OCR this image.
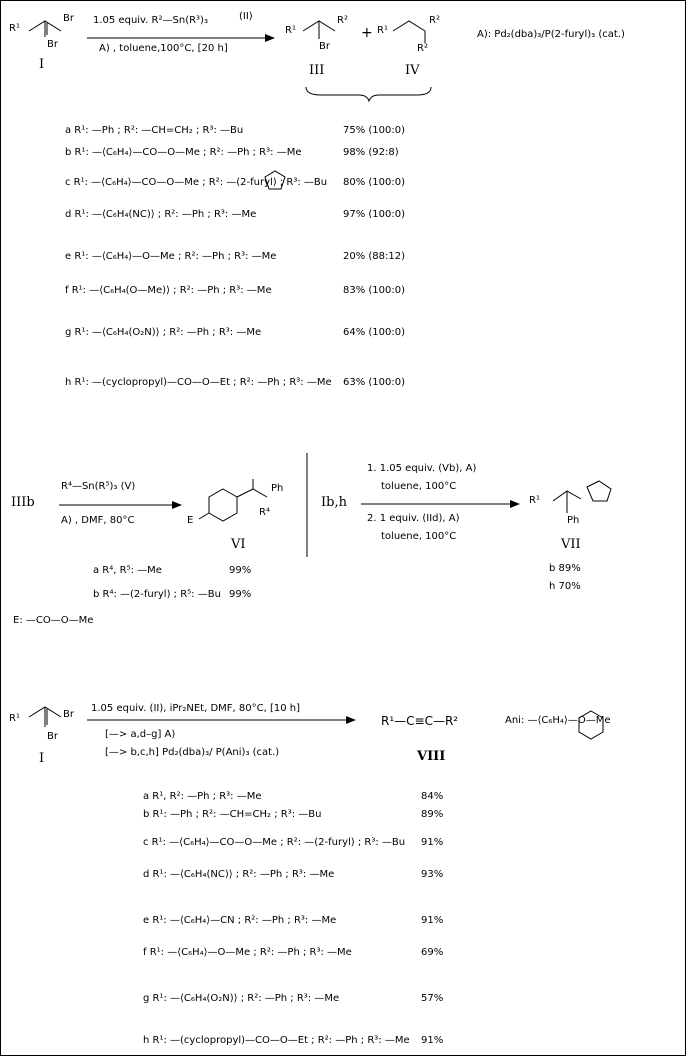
R¹
Br
Br
I
1.05 equiv. R²—Sn(R³)₃	(II)
A) , toluene,100°C, [20 h]
R¹
R²
Br
+ R¹
R²
R²
III	IV
A): Pd₂(dba)₃/P(2-furyl)₃ (cat.)
a R¹: —Ph ; R²: —CH=CH₂ ; R³: —Bu	75% (100:0)
b R¹: —⟨C₆H₄⟩—CO—O—Me ; R²: —Ph ; R³: —Me	98% (92:8)
c R¹: —⟨C₆H₄⟩—CO—O—Me ; R²: —(2-furyl) ; R³: —Bu 80% (100:0)
d R¹: —⟨C₆H₄(NC)⟩ ; R²: —Ph ; R³: —Me	97% (100:0)
e R¹: —⟨C₆H₄⟩—O—Me ; R²: —Ph ; R³: —Me	20% (88:12)
f R¹: —⟨C₆H₄(O—Me)⟩ ; R²: —Ph ; R³: —Me	83% (100:0)
g R¹: —⟨C₆H₄(O₂N)⟩ ; R²: —Ph ; R³: —Me	64% (100:0)
h R¹: —(cyclopropyl)—CO—O—Et ; R²: —Ph ; R³: —Me 63% (100:0)
IIIb
R⁴—Sn(R⁵)₃ (V)
A) , DMF, 80°C	E
Ph
R⁴
VI
a R⁴, R⁵: —Me	99%
b R⁴: —(2-furyl) ; R⁵: —Bu 99%
E: —CO—O—Me
Ib,h
1. 1.05 equiv. (Vb), A)
toluene, 100°C
2. 1 equiv. (IId), A)
toluene, 100°C
R¹
Ph
VII
b 89%
h 70%
R¹	Br
Br
I
1.05 equiv. (II), iPr₂NEt, DMF, 80°C, [10 h]
[—> a,d–g] A)
[—> b,c,h] Pd₂(dba)₃/ P(Ani)₃ (cat.)
R¹—C≡C—R²
VIII
Ani: —⟨C₆H₄⟩—O—Me
a R¹, R²: —Ph ; R³: —Me	84%
b R¹: —Ph ; R²: —CH=CH₂ ; R³: —Bu	89%
c R¹: —⟨C₆H₄⟩—CO—O—Me ; R²: —(2-furyl) ; R³: —Bu 91%
d R¹: —⟨C₆H₄(NC)⟩ ; R²: —Ph ; R³: —Me	93%
e R¹: —⟨C₆H₄⟩—CN ; R²: —Ph ; R³: —Me	91%
f R¹: —⟨C₆H₄⟩—O—Me ; R²: —Ph ; R³: —Me	69%
g R¹: —⟨C₆H₄(O₂N)⟩ ; R²: —Ph ; R³: —Me	57%
h R¹: —(cyclopropyl)—CO—O—Et ; R²: —Ph ; R³: —Me 91%
